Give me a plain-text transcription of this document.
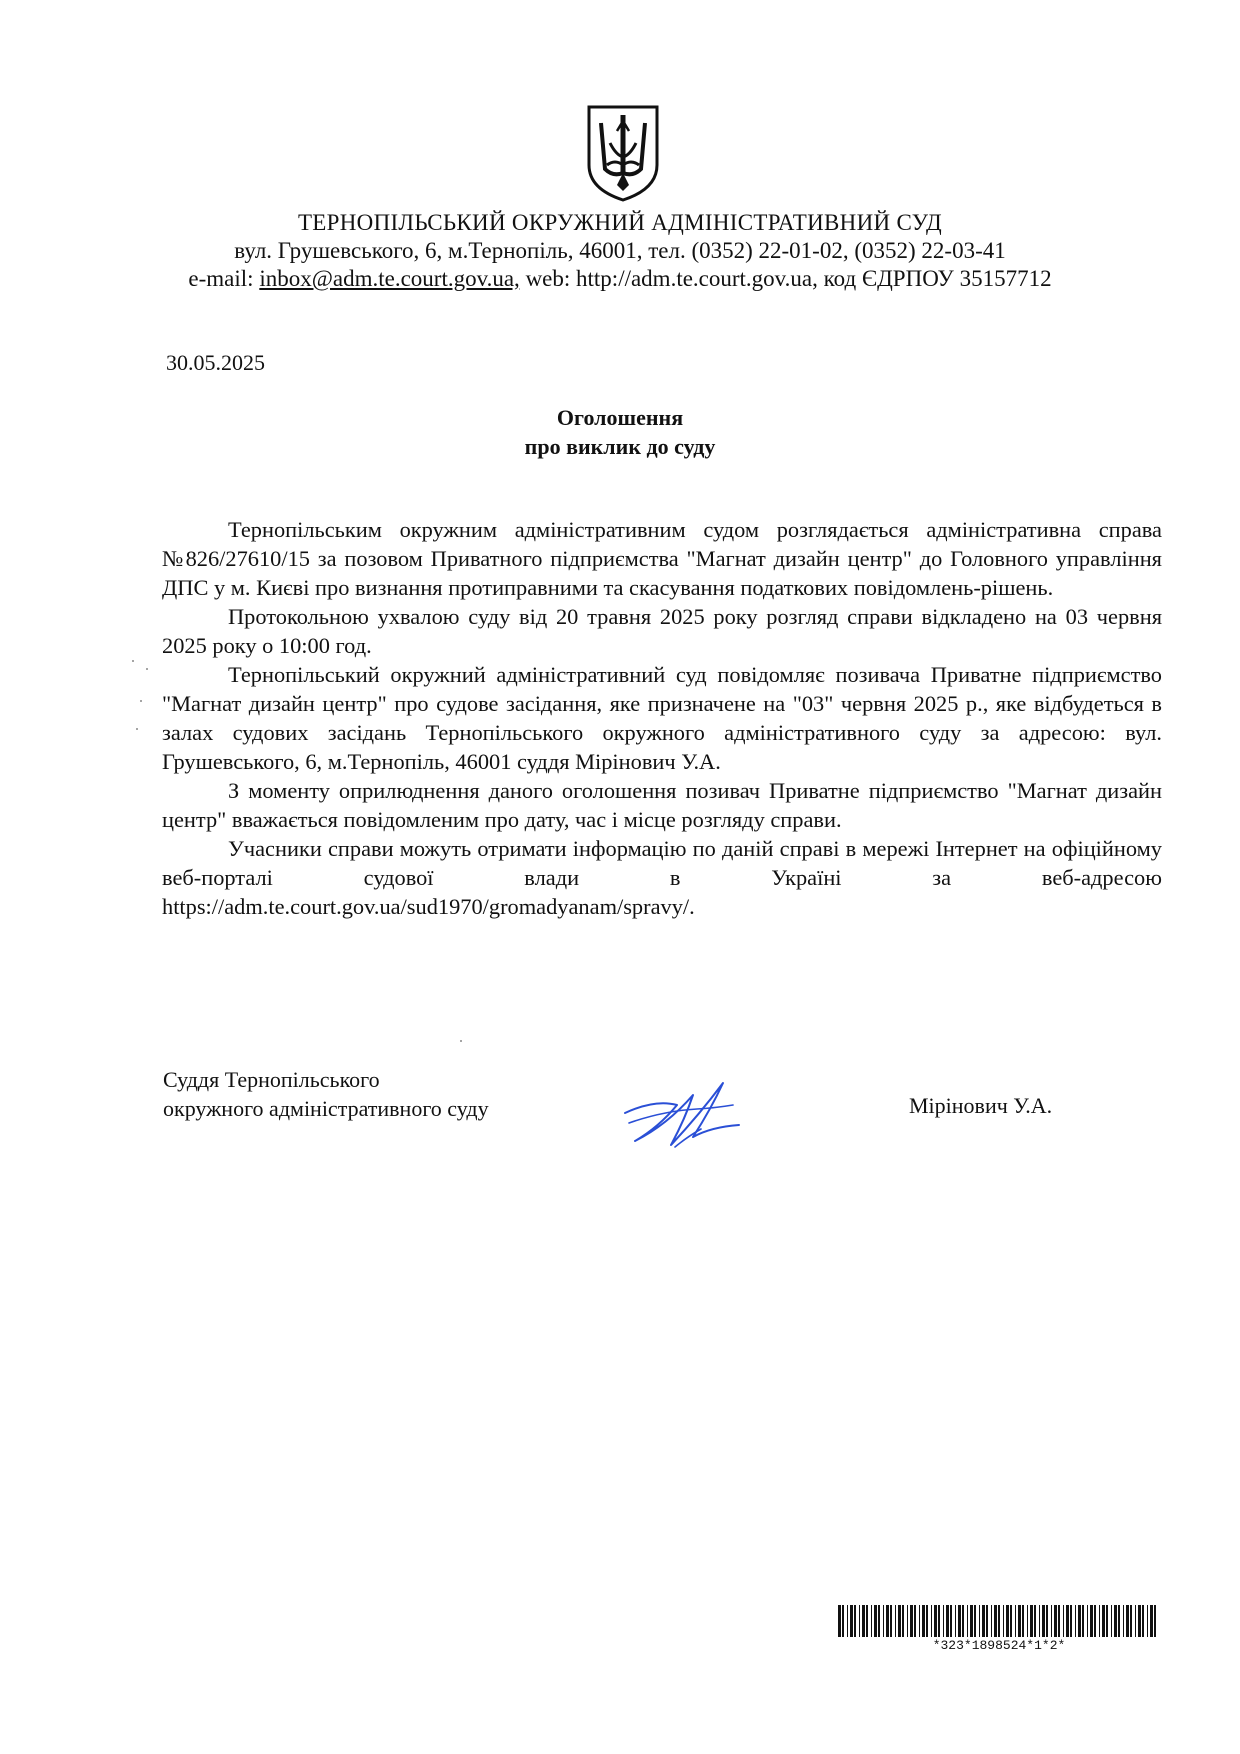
ТЕРНОПІЛЬСЬКИЙ ОКРУЖНИЙ АДМІНІСТРАТИВНИЙ СУД
вул. Грушевського, 6, м.Тернопіль, 46001, тел. (0352) 22-01-02, (0352) 22-03-41
e-mail: inbox@adm.te.court.gov.ua, web: http://adm.te.court.gov.ua, код ЄДРПОУ 35157712
30.05.2025
Оголошення
про виклик до суду

Тернопільським окружним адміністративним судом розглядається адміністративна справа №826/27610/15 за позовом Приватного підприємства "Магнат дизайн центр" до Головного управління ДПС у м. Києві про визнання протиправними та скасування податкових повідомлень-рішень.

Протокольною ухвалою суду від 20 травня 2025 року розгляд справи відкладено на 03 червня 2025 року о 10:00 год.

Тернопільський окружний адміністративний суд повідомляє позивача Приватне підприємство "Магнат дизайн центр" про судове засідання, яке призначене на "03" червня 2025 р., яке відбудеться в залах судових засідань Тернопільського окружного адміністративного суду за адресою: вул. Грушевського, 6, м.Тернопіль, 46001 суддя Мірінович У.А.

З моменту оприлюднення даного оголошення позивач Приватне підприємство "Магнат дизайн центр" вважається повідомленим про дату, час і місце розгляду справи.

Учасники справи можуть отримати інформацію по даній справі в мережі Інтернет на офіційному веб-порталі судової влади в Україні за веб-адресою

https://adm.te.court.gov.ua/sud1970/gromadyanam/spravy/.

Суддя Тернопільського
окружного адміністративного суду	Мірінович У.А.
*323*1898524*1*2*
